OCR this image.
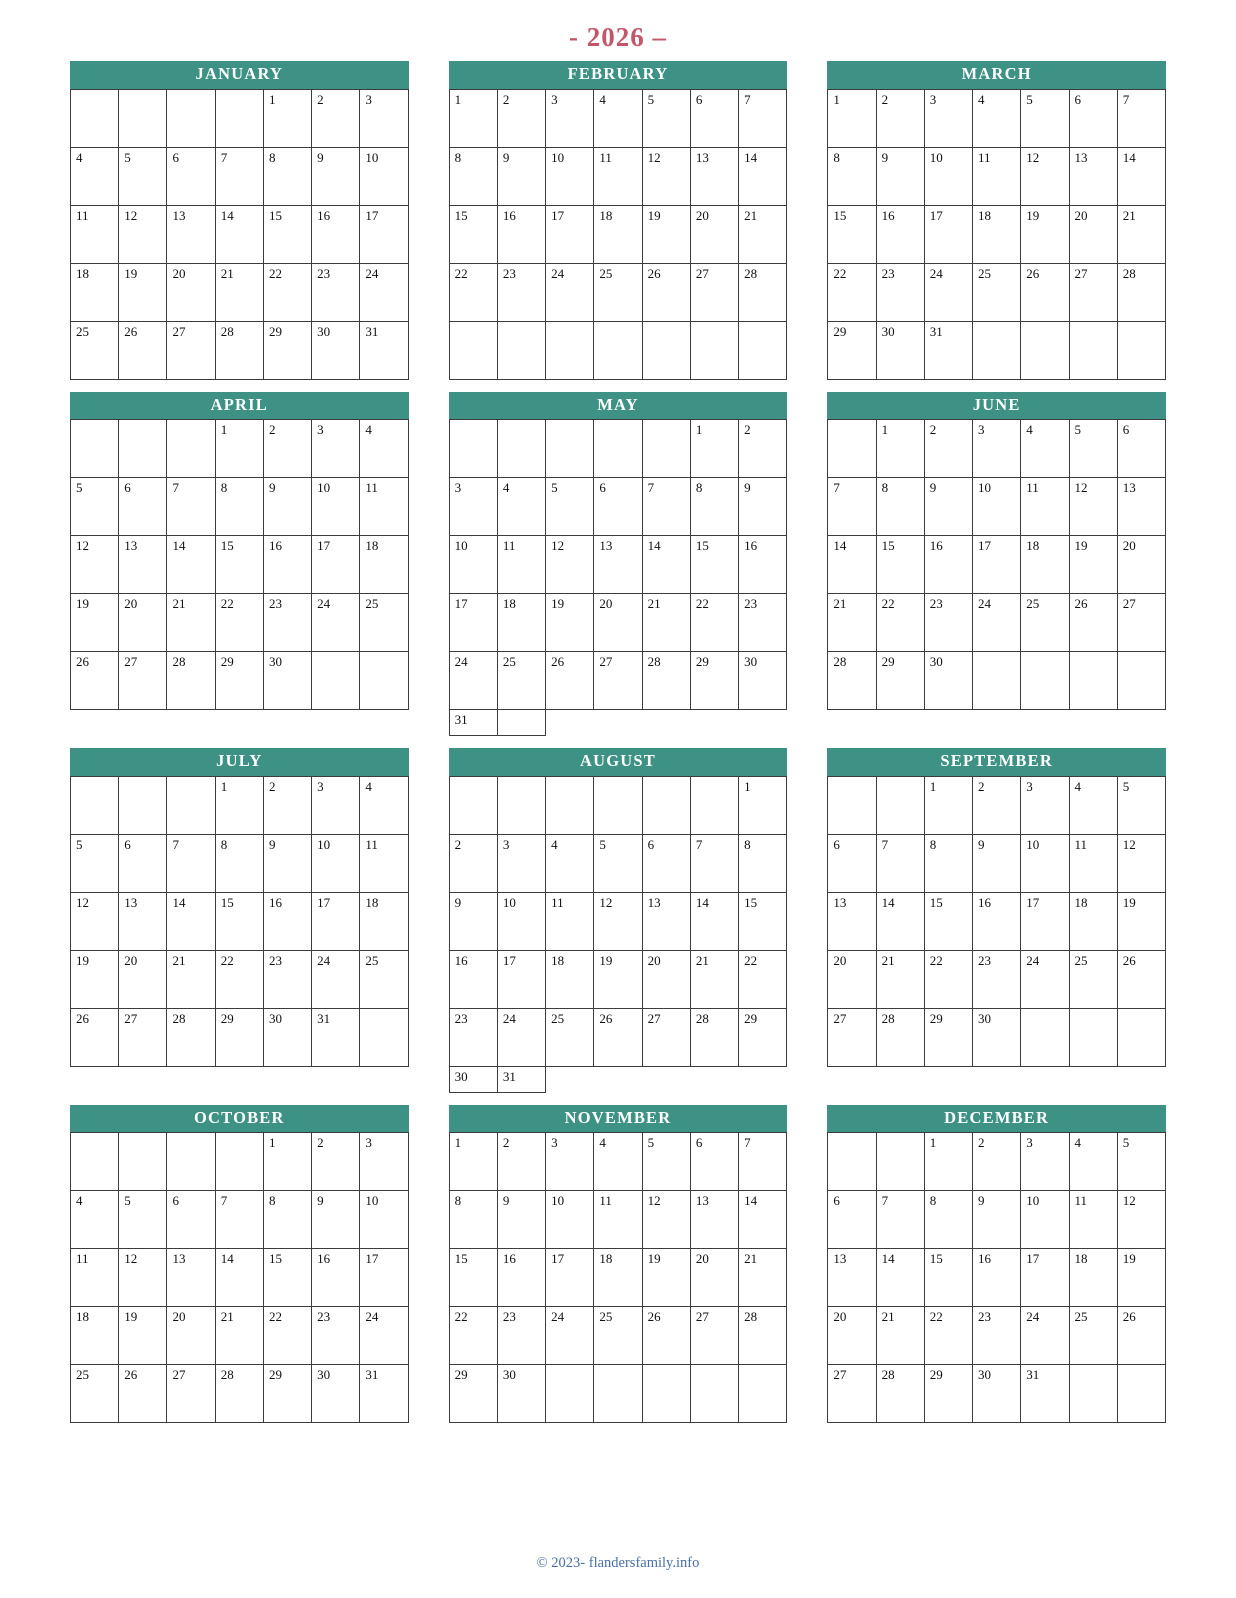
- 2026 –
JANUARY
				1	2	3
4	5	6	7	8	9	10
11	12	13	14	15	16	17
18	19	20	21	22	23	24
25	26	27	28	29	30	31
FEBRUARY
1	2	3	4	5	6	7
8	9	10	11	12	13	14
15	16	17	18	19	20	21
22	23	24	25	26	27	28

MARCH
1	2	3	4	5	6	7
8	9	10	11	12	13	14
15	16	17	18	19	20	21
22	23	24	25	26	27	28
29	30	31				
APRIL
			1	2	3	4
5	6	7	8	9	10	11
12	13	14	15	16	17	18
19	20	21	22	23	24	25
26	27	28	29	30		
MAY
					1	2
3	4	5	6	7	8	9
10	11	12	13	14	15	16
17	18	19	20	21	22	23
24	25	26	27	28	29	30
31						
JUNE
	1	2	3	4	5	6
7	8	9	10	11	12	13
14	15	16	17	18	19	20
21	22	23	24	25	26	27
28	29	30				
JULY
			1	2	3	4
5	6	7	8	9	10	11
12	13	14	15	16	17	18
19	20	21	22	23	24	25
26	27	28	29	30	31	
AUGUST
						1
2	3	4	5	6	7	8
9	10	11	12	13	14	15
16	17	18	19	20	21	22
23	24	25	26	27	28	29
30	31					
SEPTEMBER
		1	2	3	4	5
6	7	8	9	10	11	12
13	14	15	16	17	18	19
20	21	22	23	24	25	26
27	28	29	30			
OCTOBER
				1	2	3
4	5	6	7	8	9	10
11	12	13	14	15	16	17
18	19	20	21	22	23	24
25	26	27	28	29	30	31
NOVEMBER
1	2	3	4	5	6	7
8	9	10	11	12	13	14
15	16	17	18	19	20	21
22	23	24	25	26	27	28
29	30					
DECEMBER
		1	2	3	4	5
6	7	8	9	10	11	12
13	14	15	16	17	18	19
20	21	22	23	24	25	26
27	28	29	30	31		
© 2023- flandersfamily.info
